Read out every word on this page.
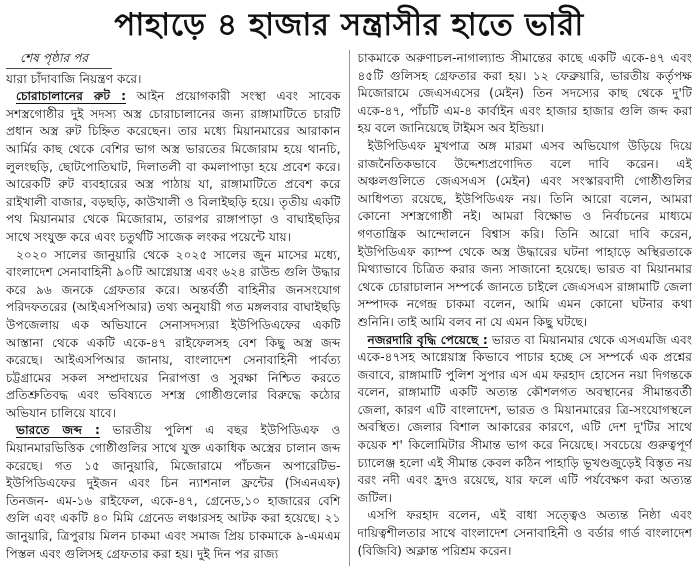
পাহাড়ে ৪ হাজার সন্ত্রাসীর হাতে ভারী
শেষ পৃষ্ঠার পর

যারা চাঁদাবাজি নিয়ন্ত্রণ করে।

চোরাচালানের রুট : আইন প্রয়োগকারী সংস্থা এবং সাবেক সশস্ত্রগোষ্ঠীর দুই সদস্য অস্ত্র চোরাচালানের জন্য রাঙ্গামাটিতে চারটি প্রধান অস্ত্র রুট চিহ্নিত করেছেন। তার মধ্যে মিয়ানমারের আরাকান আর্মির কাছ থেকে বেশির ভাগ অস্ত্র ভারতের মিজোরাম হয়ে থানচি, লুলংছড়ি, ছোটপোতিঘাট, দিলাতলী বা কমলাপাড়া হয়ে প্রবেশ করে। আরেকটি রুট ব্যবহারের অস্ত্র পাঠায় যা, রাঙ্গামাটিতে প্রবেশ করে রাইখালী বাজার, বড়ছড়ি, কাউখালী ও বিলাইছড়ি হয়ে। তৃতীয় একটি পথ মিয়ানমার থেকে মিজোরাম, তারপর রাঙ্গাপাড়া ও বাঘাইছড়ির সাথে সংযুক্ত করে এবং চতুর্থটি সাজেক লংকর পয়েন্টে যায়।

২০২০ সালের জানুয়ারি থেকে ২০২৫ সালের জুন মাসের মধ্যে, বাংলাদেশ সেনাবাহিনী ৯০টি আগ্নেয়াস্ত্র এবং ৬২৪ রাউন্ড গুলি উদ্ধার করে ৯৬ জনকে গ্রেফতার করে। অন্তর্বর্তী বাহিনীর জনসংযোগ পরিদফতরের (আইএসপিআর) তথ্য অনুযায়ী গত মঙ্গলবার বাঘাইছড়ি উপজেলায় এক অভিযানে সেনাসদস্যরা ইউপিডিএফের একটি আস্তানা থেকে একটি একে-৪৭ রাইফেলসহ বেশ কিছু অস্ত্র জব্দ করেছে। আইএসপিআর জানায়, বাংলাদেশ সেনাবাহিনী পার্বত্য চট্টগ্রামের সকল সম্প্রদায়ের নিরাপত্তা ও সুরক্ষা নিশ্চিত করতে প্রতিশ্রুতিবদ্ধ এবং ভবিষ্যতে সশস্ত্র গোষ্ঠীগুলোর বিরুদ্ধে কঠোর অভিযান চালিয়ে যাবে।

ভারতে জব্দ : ভারতীয় পুলিশ এ বছর ইউপিডিএফ ও মিয়ানমারভিত্তিক গোষ্ঠীগুলির সাথে যুক্ত একাধিক অস্ত্রের চালান জব্দ করেছে। গত ১৫ জানুয়ারি, মিজোরামে পাঁচজন অপারেটিভ-ইউপিডিএফের দুইজন এবং চিন ন্যাশনাল ফ্রন্টের (সিএনএফ) তিনজন- এম-১৬ রাইফেল, একে-৪৭, গ্রেনেড,১০ হাজারের বেশি গুলি এবং একটি ৪০ মিমি গ্রেনেড লঞ্চারসহ আটক করা হয়েছে। ২১ জানুয়ারি, ত্রিপুরায় মিলন চাকমা এবং সমাজ প্রিয় চাকমাকে ৯-এমএম পিস্তল এবং গুলিসহ গ্রেফতার করা হয়। দুই দিন পর রাজ্য

চাকমাকে অরুণাচল-নাগাল্যান্ড সীমান্তের কাছে একটি একে-৪৭ এবং ৪৫টি গুলিসহ গ্রেফতার করা হয়। ১২ ফেব্রুয়ারি, ভারতীয় কর্তৃপক্ষ মিজোরামে জেএসএসের (মেইন) তিন সদস্যের কাছ থেকে দু'টি একে-৪৭, পাঁচটি এম-৪ কার্বাইন এবং হাজার হাজার গুলি জব্দ করা হয় বলে জানিয়েছে টাইমস অব ইন্ডিয়া।

ইউপিডিএফ মুখপাত্র অঙ্গ মারমা এসব অভিযোগ উড়িয়ে দিয়ে রাজনৈতিকভাবে উদ্দেশ্যপ্রণোদিত বলে দাবি করেন। এই অঞ্চলগুলিতে জেএসএস (মেইন) এবং সংস্কারবাদী গোষ্ঠীগুলির আধিপত্য রয়েছে, ইউপিডিএফ নয়। তিনি আরো বলেন, আমরা কোনো সশস্ত্রগোষ্ঠী নই। আমরা বিক্ষোভ ও নির্বাচনের মাধ্যমে গণতান্ত্রিক আন্দোলনে বিশ্বাস করি। তিনি আরো দাবি করেন, ইউপিডিএফ ক্যাম্প থেকে অস্ত্র উদ্ধারের ঘটনা পাহাড়ে অস্থিরতাকে মিথ্যাভাবে চিত্রিত করার জন্য সাজানো হয়েছে। ভারত বা মিয়ানমার থেকে চোরাচালান সম্পর্কে জানতে চাইলে জেএসএস রাঙ্গামাটি জেলা সম্পাদক নগেন্দ্র চাকমা বলেন, আমি এমন কোনো ঘটনার কথা শুনিনি। তাই আমি বলব না যে এমন কিছু ঘটছে।

নজরদারি বৃদ্ধি পেয়েছে : ভারত বা মিয়ানমার থেকে এসএমজি এবং একে-৪৭সহ আগ্নেয়াস্ত্র কিভাবে পাচার হচ্ছে সে সম্পর্কে এক প্রশ্নের জবাবে, রাঙ্গামাটি পুলিশ সুপার এস এম ফরহাদ হোসেন নয়া দিগন্তকে বলেন, রাঙ্গামাটি একটি অত্যন্ত কৌশলগত অবস্থানের সীমান্তবর্তী জেলা, কারণ এটি বাংলাদেশ, ভারত ও মিয়ানমারের ত্রি-সংযোগস্থলে অবস্থিত। জেলার বিশাল আকারের কারণে, এটি দেশ দু'টির সাথে কয়েক শ' কিলোমিটার সীমান্ত ভাগ করে নিয়েছে। সবচেয়ে গুরুত্বপূর্ণ চ্যালেঞ্জ হলো এই সীমান্ত কেবল কঠিন পাহাড়ি ভূখণ্ডজুড়েই বিস্তৃত নয় বরং নদী এবং হ্রদও রয়েছে, যার ফলে এটি পর্যবেক্ষণ করা অত্যন্ত জটিল।

এসপি ফরহাদ বলেন, এই বাধা সত্ত্বেও অত্যন্ত নিষ্ঠা এবং দায়িত্বশীলতার সাথে বাংলাদেশ সেনাবাহিনী ও বর্ডার গার্ড বাংলাদেশ (বিজিবি) অক্লান্ত পরিশ্রম করেন।
